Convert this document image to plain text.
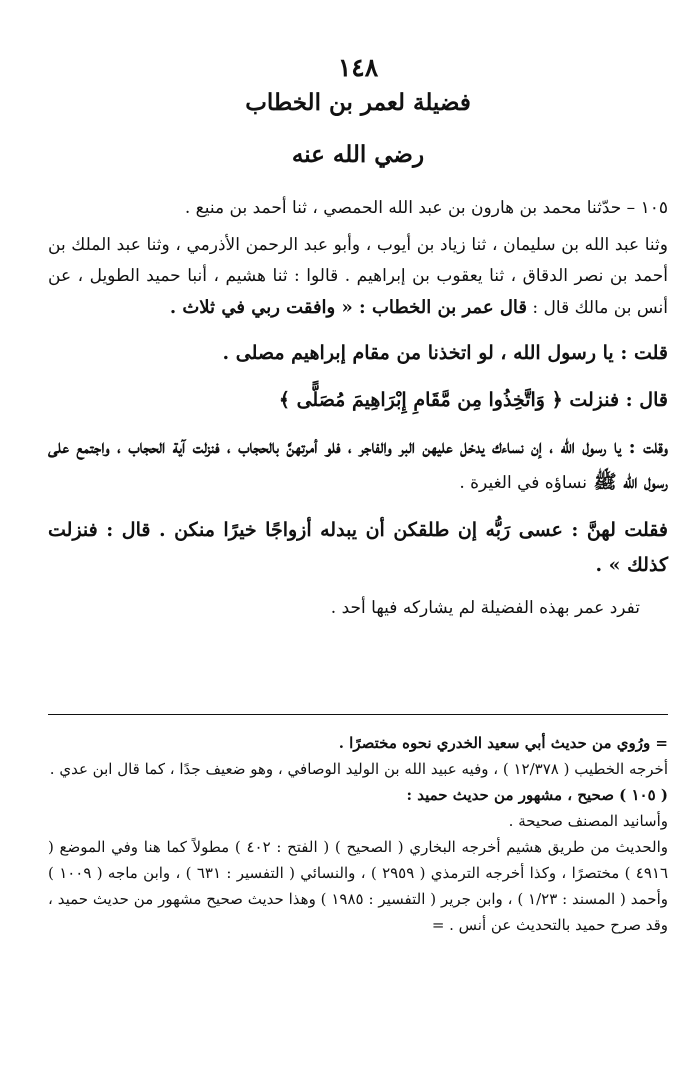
١٤٨
فضيلة لعمر بن الخطاب
رضي الله عنه

١٠٥ – حدّثنا محمد بن هارون بن عبد الله الحمصي ، ثنا أحمد بن منيع .

وثنا عبد الله بن سليمان ، ثنا زياد بن أيوب ، وأبو عبد الرحمن الأذرمي ، وثنا عبد الملك بن أحمد بن نصر الدقاق ، ثنا يعقوب بن إبراهيم . قالوا : ثنا هشيم ، أنبا حميد الطويل ، عن أنس بن مالك قال : قال عمر بن الخطاب : « وافقت ربي في ثلاث .

قلت : يا رسول الله ، لو اتخذنا من مقام إبراهيم مصلى .

قال : فنزلت ﴿ وَاتَّخِذُوا مِن مَّقَامِ إِبْرَاهِيمَ مُصَلًّى ﴾

وقلت : يا رسول الله ، إن نساءك يدخل عليهن البر والفاجر ، فلو أمرتهنَّ بالحجاب ، فنزلت آية الحجاب ، واجتمع على رسول الله ﷺ نساؤه في الغيرة .

فقلت لهنَّ : عسى رَبُّه إن طلقكن أن يبدله أزواجًا خيرًا منكن . قال : فنزلت كذلك » .

تفرد عمر بهذه الفضيلة لم يشاركه فيها أحد .

= ورُوي من حديث أبي سعيد الخدري نحوه مختصرًا .

أخرجه الخطيب ( ١٢/٣٧٨ ) ، وفيه عبيد الله بن الوليد الوصافي ، وهو ضعيف جدًا ، كما قال ابن عدي .

( ١٠٥ ) صحيح ، مشهور من حديث حميد :

وأسانيد المصنف صحيحة .

والحديث من طريق هشيم أخرجه البخاري ( الصحيح ) ( الفتح : ٤٠٢ ) مطولاً كما هنا وفي الموضع ( ٤٩١٦ ) مختصرًا ، وكذا أخرجه الترمذي ( ٢٩٥٩ ) ، والنسائي ( التفسير : ٦٣١ ) ، وابن ماجه ( ١٠٠٩ ) وأحمد ( المسند : ١/٢٣ ) ، وابن جرير ( التفسير : ١٩٨٥ ) وهذا حديث صحيح مشهور من حديث حميد ، وقد صرح حميد بالتحديث عن أنس . =
